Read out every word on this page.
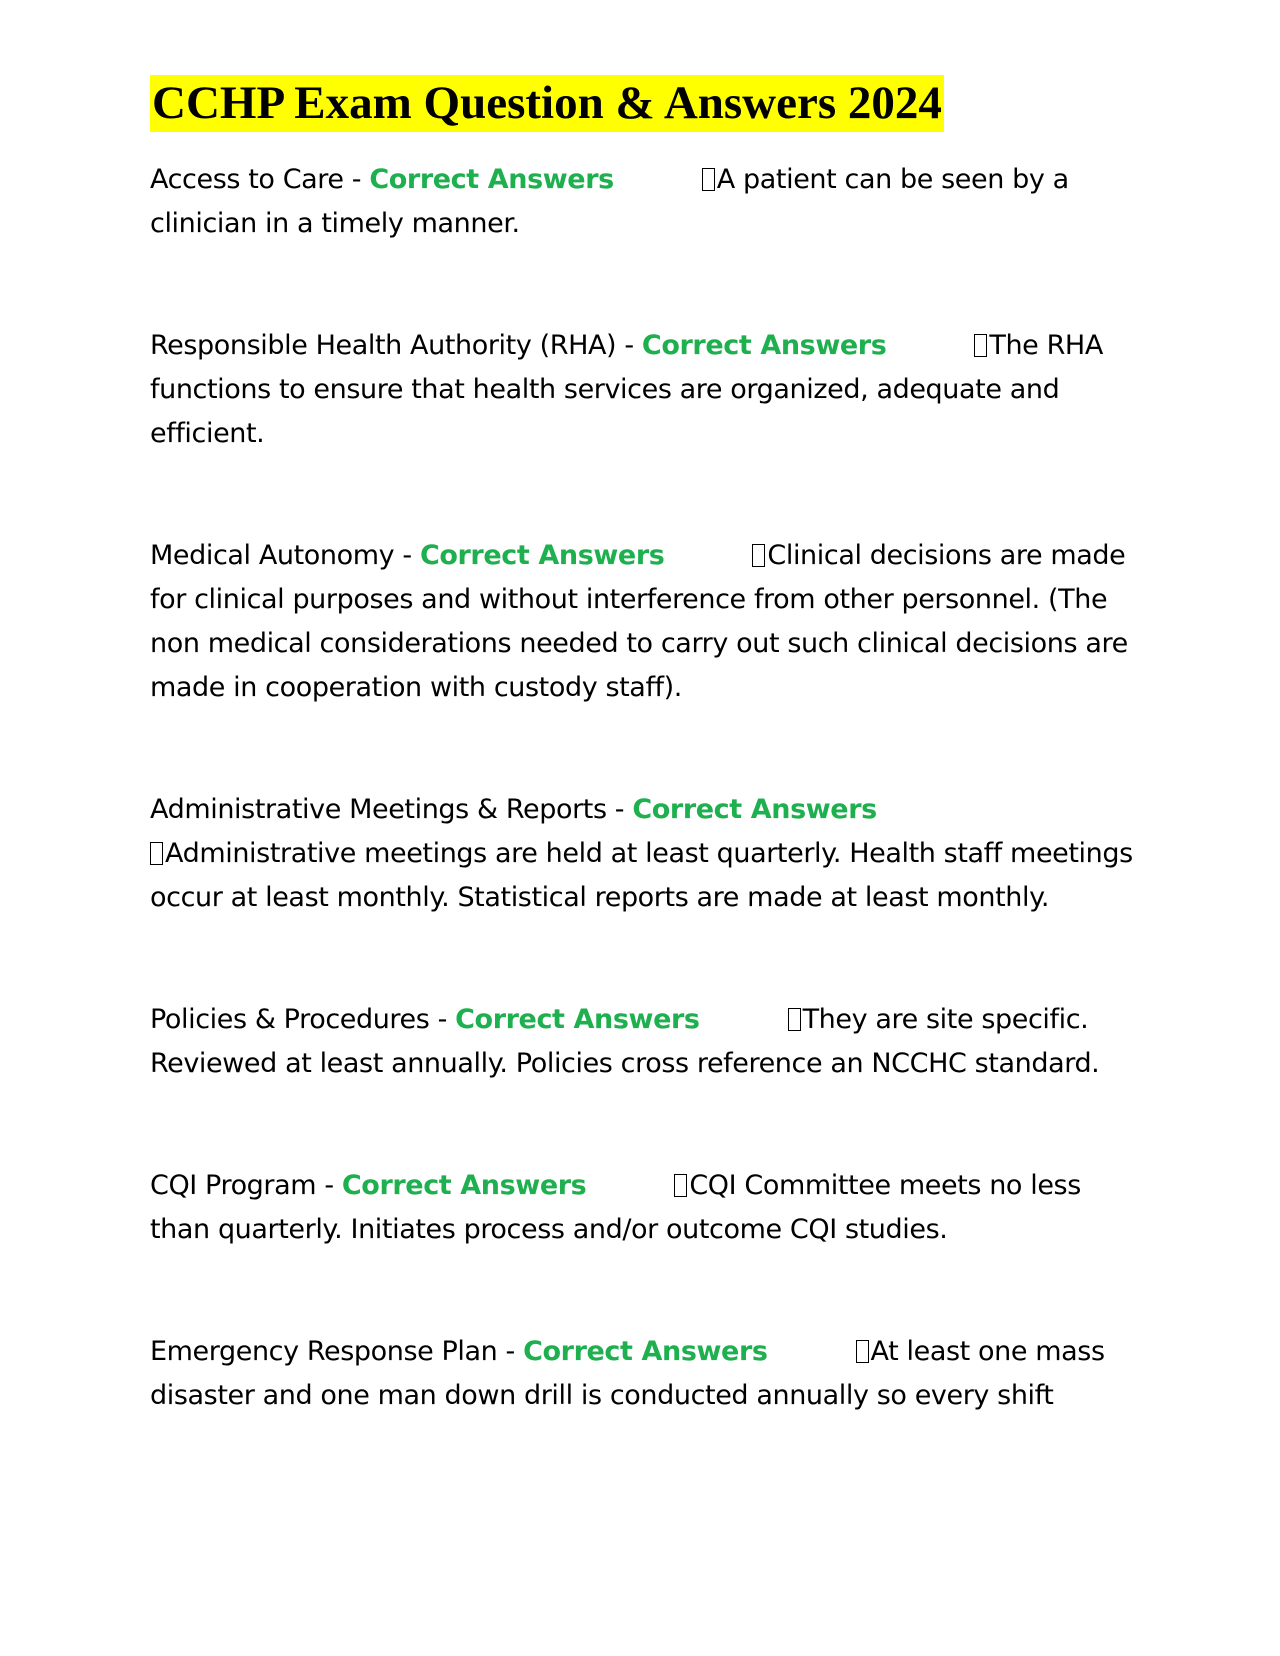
CCHP Exam Question & Answers 2024

Access to Care - Correct Answers	A patient can be seen by a clinician in a timely manner.

Responsible Health Authority (RHA) - Correct Answers	The RHA functions to ensure that health services are organized, adequate and efficient.

Medical Autonomy - Correct Answers	Clinical decisions are made for clinical purposes and without interference from other personnel. (The non medical considerations needed to carry out such clinical decisions are made in cooperation with custody staff).

Administrative Meetings & Reports - Correct Answers
Administrative meetings are held at least quarterly. Health staff meetings occur at least monthly. Statistical reports are made at least monthly.

Policies & Procedures - Correct Answers	They are site specific. Reviewed at least annually. Policies cross reference an NCCHC standard.

CQI Program - Correct Answers	CQI Committee meets no less than quarterly. Initiates process and/or outcome CQI studies.

Emergency Response Plan - Correct Answers	At least one mass disaster and one man down drill is conducted annually so every shift
